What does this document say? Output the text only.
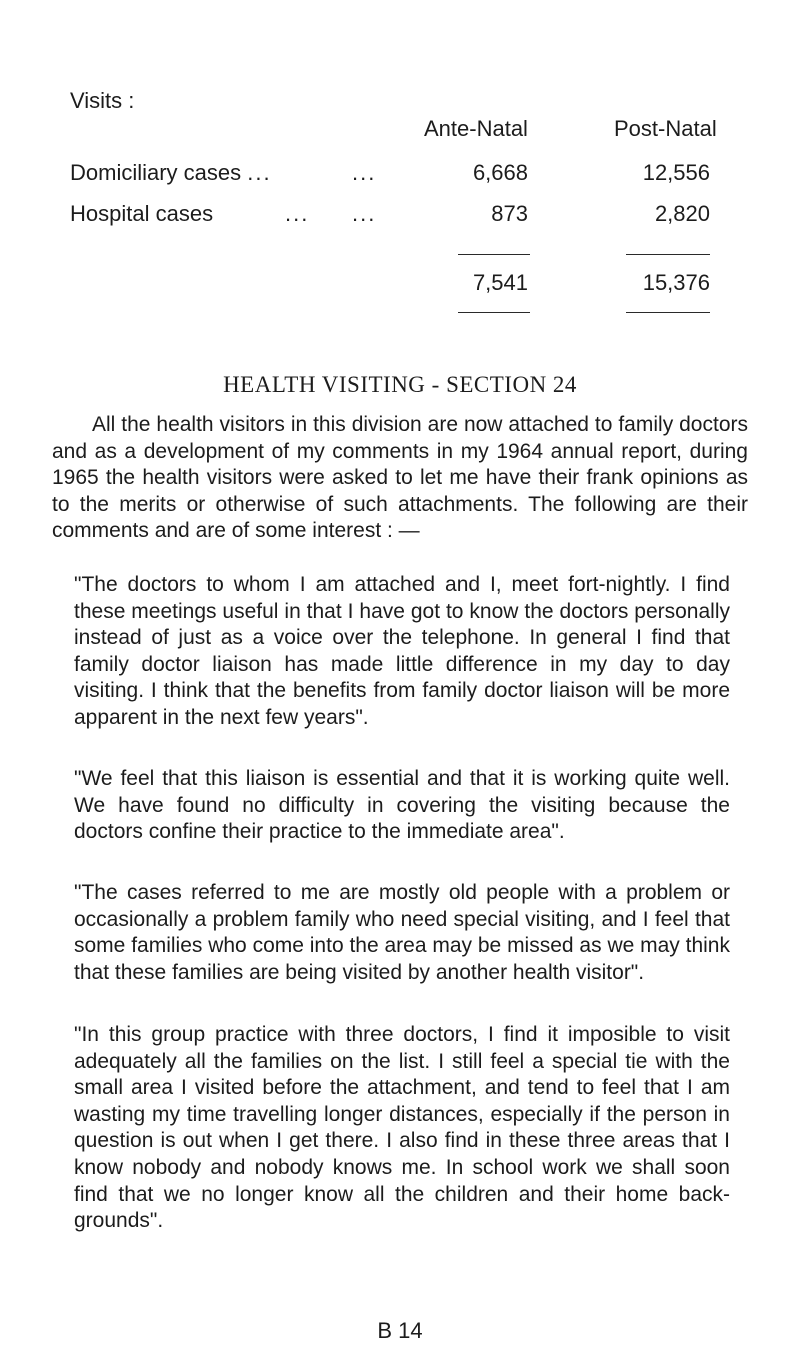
Visits :
Ante-Natal	Post-Natal
Domiciliary cases ...	...	6,668	12,556
Hospital cases	... ...	873	2,820
7,541	15,376
HEALTH VISITING - SECTION 24
All the health visitors in this division are now attached to family doctors and as a development of my comments in my 1964 annual report, during 1965 the health visitors were asked to let me have their frank opinions as to the merits or otherwise of such attachments. The following are their comments and are of some interest : —
"The doctors to whom I am attached and I, meet fort-nightly. I find these meetings useful in that I have got to know the doctors personally instead of just as a voice over the telephone. In general I find that family doctor liaison has made little difference in my day to day visiting. I think that the benefits from family doctor liaison will be more apparent in the next few years".
"We feel that this liaison is essential and that it is working quite well. We have found no difficulty in covering the visiting because the doctors confine their practice to the immediate area".
"The cases referred to me are mostly old people with a problem or occasionally a problem family who need special visiting, and I feel that some families who come into the area may be missed as we may think that these families are being visited by another health visitor".
"In this group practice with three doctors, I find it imposible to visit adequately all the families on the list. I still feel a special tie with the small area I visited before the attachment, and tend to feel that I am wasting my time travelling longer distances, especially if the person in question is out when I get there. I also find in these three areas that I know nobody and nobody knows me. In school work we shall soon find that we no longer know all the children and their home back-grounds".
B 14
